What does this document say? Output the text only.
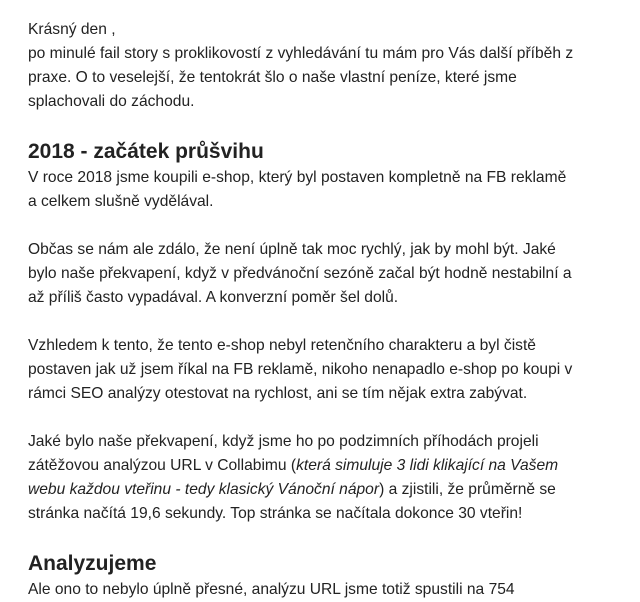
Krásný den ,
po minulé fail story s proklikovostí z vyhledávání tu mám pro Vás další příběh z
praxe. O to veselejší, že tentokrát šlo o naše vlastní peníze, které jsme
splachovali do záchodu.

2018 - začátek průšvihu

V roce 2018 jsme koupili e-shop, který byl postaven kompletně na FB reklamě
a celkem slušně vydělával.

Občas se nám ale zdálo, že není úplně tak moc rychlý, jak by mohl být. Jaké
bylo naše překvapení, když v předvánoční sezóně začal být hodně nestabilní a
až příliš často vypadával. A konverzní poměr šel dolů.

Vzhledem k tento, že tento e-shop nebyl retenčního charakteru a byl čistě
postaven jak už jsem říkal na FB reklamě, nikoho nenapadlo e-shop po koupi v
rámci SEO analýzy otestovat na rychlost, ani se tím nějak extra zabývat.

Jaké bylo naše překvapení, když jsme ho po podzimních příhodách projeli
zátěžovou analýzou URL v Collabimu (která simuluje 3 lidi klikající na Vašem
webu každou vteřinu - tedy klasický Vánoční nápor) a zjistili, že průměrně se
stránka načítá 19,6 sekundy. Top stránka se načítala dokonce 30 vteřin!

Analyzujeme

Ale ono to nebylo úplně přesné, analýzu URL jsme totiž spustili na 754
